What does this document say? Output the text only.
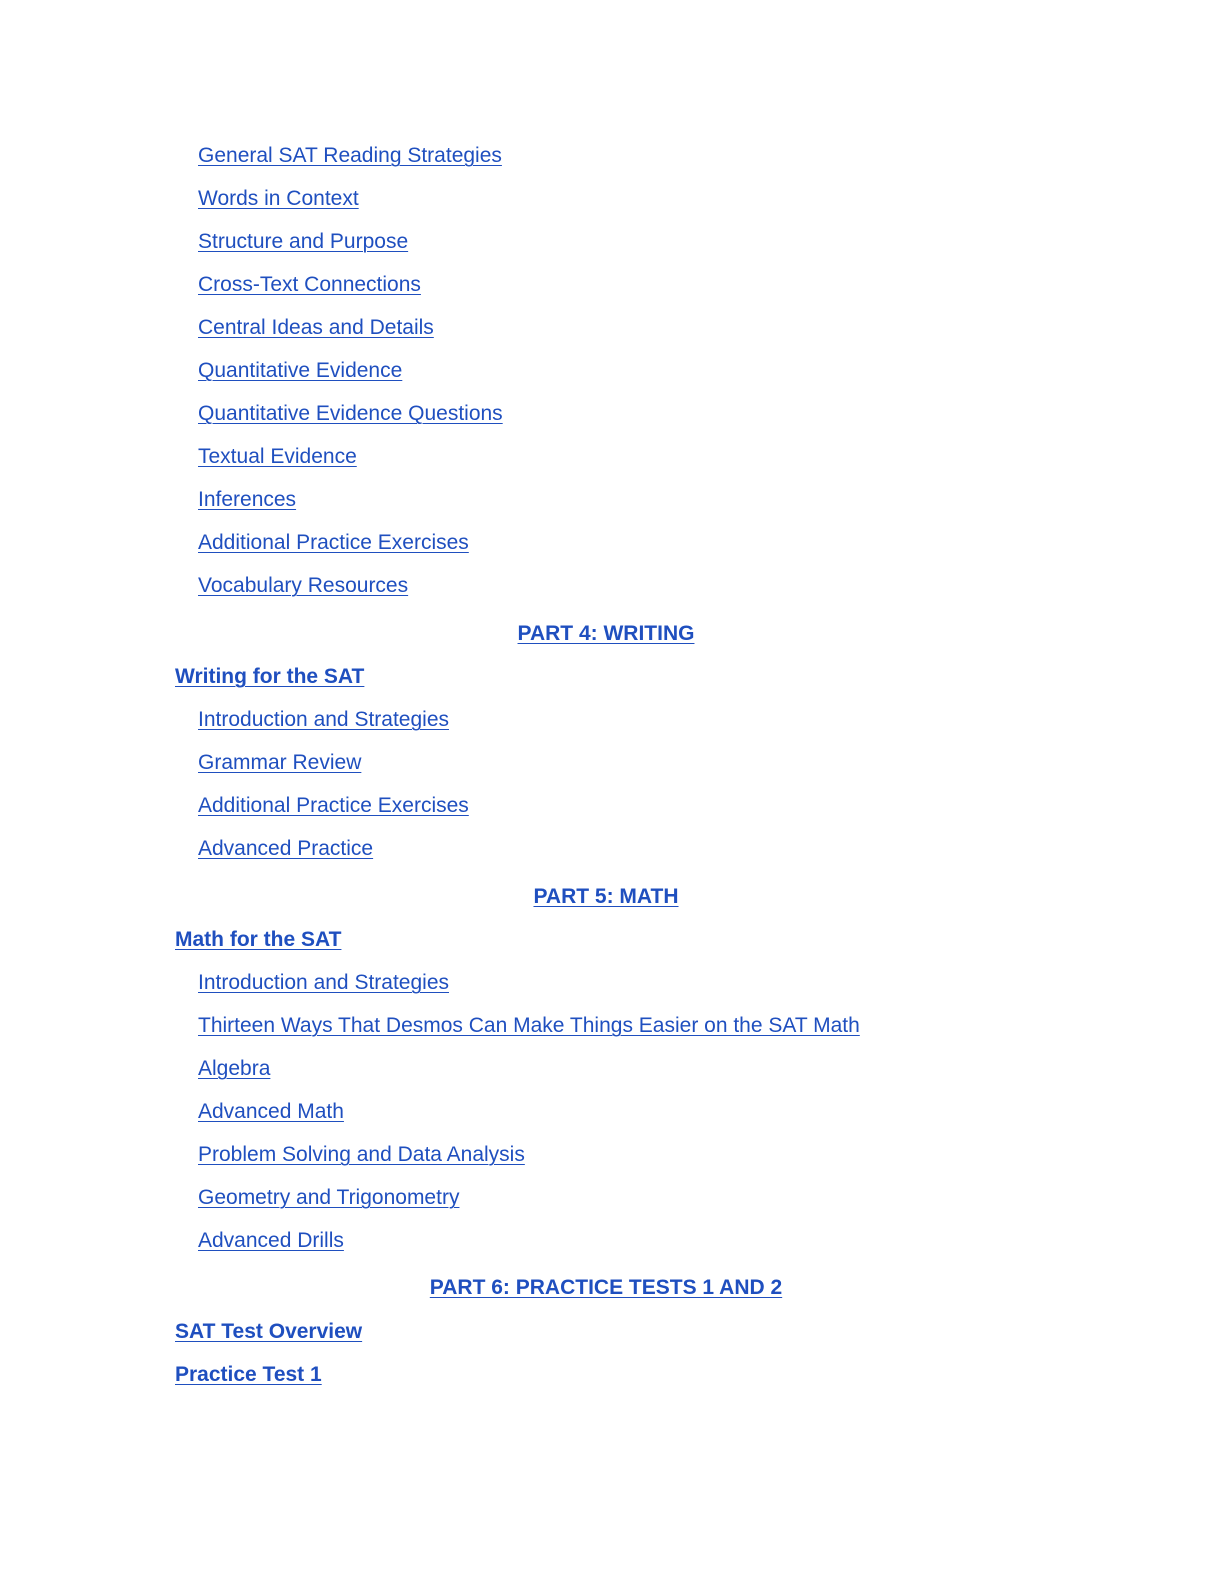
General SAT Reading Strategies
Words in Context
Structure and Purpose
Cross-Text Connections
Central Ideas and Details
Quantitative Evidence
Quantitative Evidence Questions
Textual Evidence
Inferences
Additional Practice Exercises
Vocabulary Resources
PART 4: WRITING
Writing for the SAT
Introduction and Strategies
Grammar Review
Additional Practice Exercises
Advanced Practice
PART 5: MATH
Math for the SAT
Introduction and Strategies
Thirteen Ways That Desmos Can Make Things Easier on the SAT Math
Algebra
Advanced Math
Problem Solving and Data Analysis
Geometry and Trigonometry
Advanced Drills
PART 6: PRACTICE TESTS 1 AND 2
SAT Test Overview
Practice Test 1
